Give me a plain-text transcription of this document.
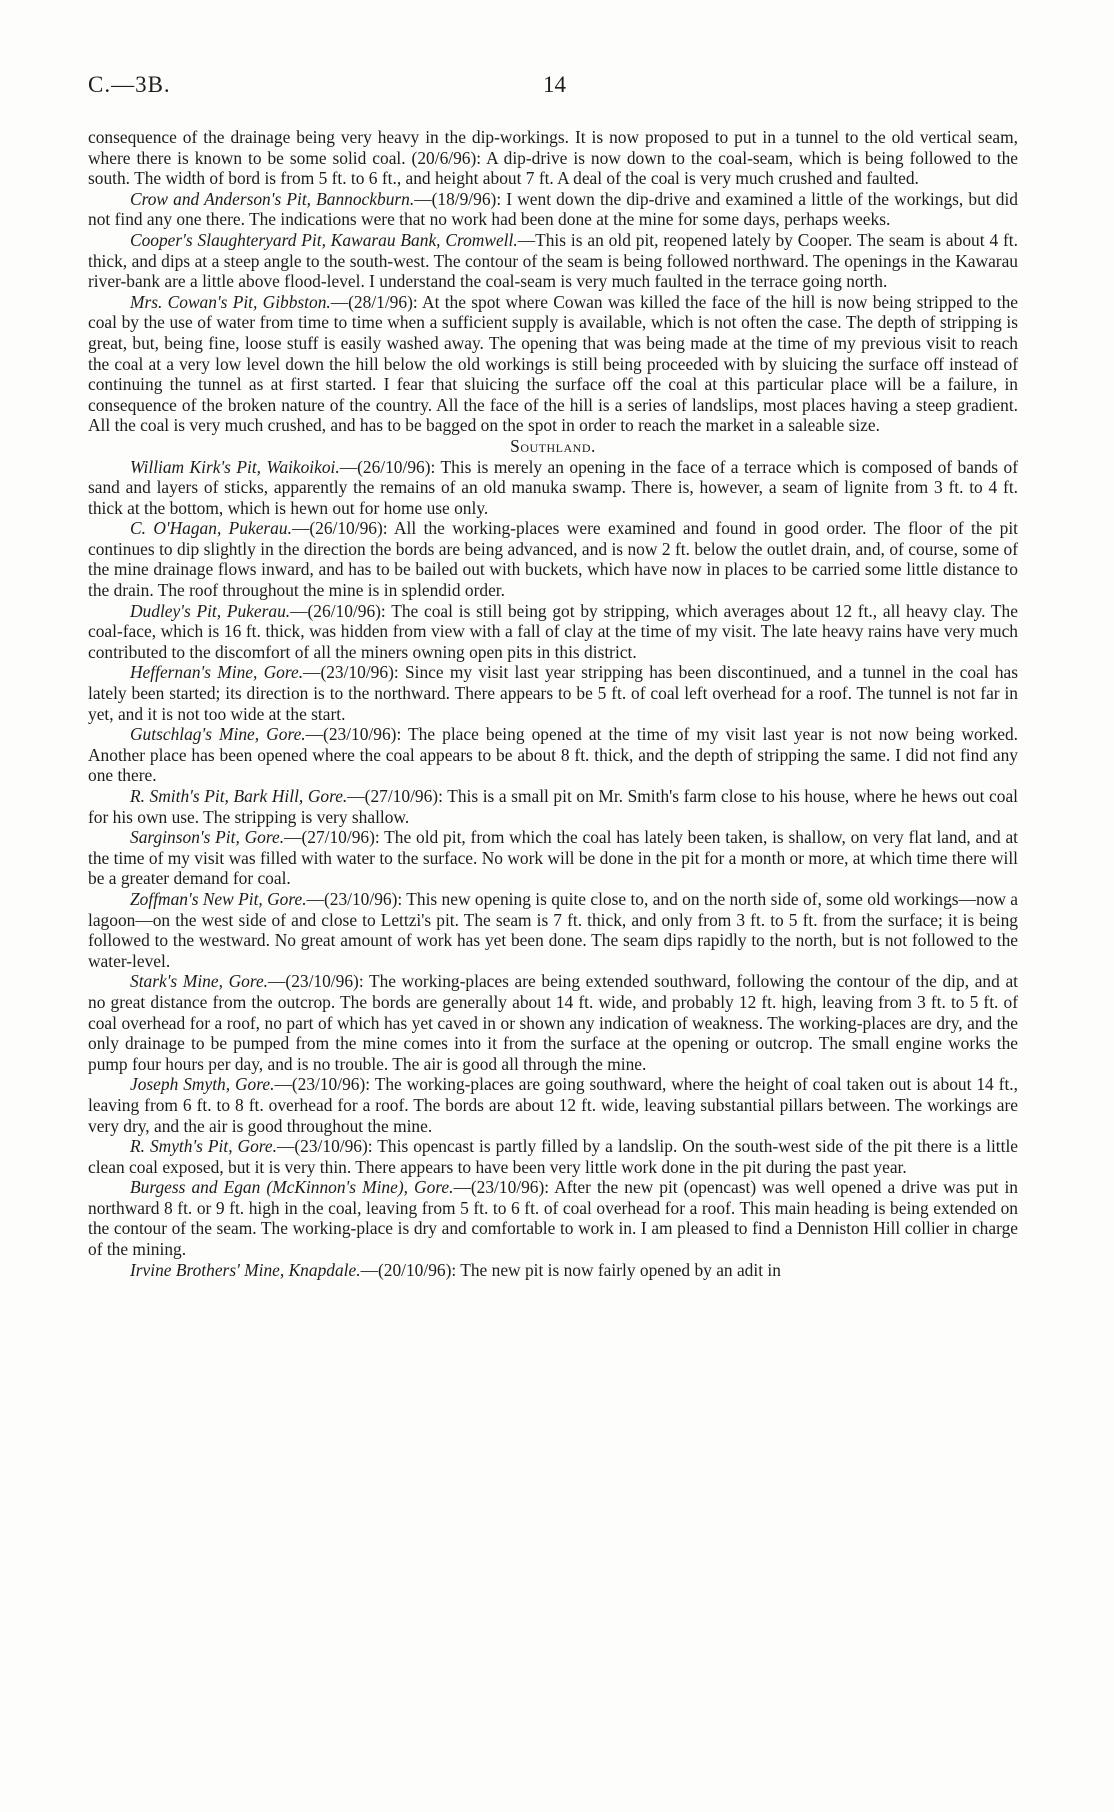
C.—3B.	14

consequence of the drainage being very heavy in the dip-workings. It is now proposed to put in a tunnel to the old vertical seam, where there is known to be some solid coal. (20/6/96): A dip-drive is now down to the coal-seam, which is being followed to the south. The width of bord is from 5 ft. to 6 ft., and height about 7 ft. A deal of the coal is very much crushed and faulted.

Crow and Anderson's Pit, Bannockburn.—(18/9/96): I went down the dip-drive and examined a little of the workings, but did not find any one there. The indications were that no work had been done at the mine for some days, perhaps weeks.

Cooper's Slaughteryard Pit, Kawarau Bank, Cromwell.—This is an old pit, reopened lately by Cooper. The seam is about 4 ft. thick, and dips at a steep angle to the south-west. The contour of the seam is being followed northward. The openings in the Kawarau river-bank are a little above flood-level. I understand the coal-seam is very much faulted in the terrace going north.

Mrs. Cowan's Pit, Gibbston.—(28/1/96): At the spot where Cowan was killed the face of the hill is now being stripped to the coal by the use of water from time to time when a sufficient supply is available, which is not often the case. The depth of stripping is great, but, being fine, loose stuff is easily washed away. The opening that was being made at the time of my previous visit to reach the coal at a very low level down the hill below the old workings is still being proceeded with by sluicing the surface off instead of continuing the tunnel as at first started. I fear that sluicing the surface off the coal at this particular place will be a failure, in consequence of the broken nature of the country. All the face of the hill is a series of landslips, most places having a steep gradient. All the coal is very much crushed, and has to be bagged on the spot in order to reach the market in a saleable size.

Southland.

William Kirk's Pit, Waikoikoi.—(26/10/96): This is merely an opening in the face of a terrace which is composed of bands of sand and layers of sticks, apparently the remains of an old manuka swamp. There is, however, a seam of lignite from 3 ft. to 4 ft. thick at the bottom, which is hewn out for home use only.

C. O'Hagan, Pukerau.—(26/10/96): All the working-places were examined and found in good order. The floor of the pit continues to dip slightly in the direction the bords are being advanced, and is now 2 ft. below the outlet drain, and, of course, some of the mine drainage flows inward, and has to be bailed out with buckets, which have now in places to be carried some little distance to the drain. The roof throughout the mine is in splendid order.

Dudley's Pit, Pukerau.—(26/10/96): The coal is still being got by stripping, which averages about 12 ft., all heavy clay. The coal-face, which is 16 ft. thick, was hidden from view with a fall of clay at the time of my visit. The late heavy rains have very much contributed to the discomfort of all the miners owning open pits in this district.

Heffernan's Mine, Gore.—(23/10/96): Since my visit last year stripping has been discontinued, and a tunnel in the coal has lately been started; its direction is to the northward. There appears to be 5 ft. of coal left overhead for a roof. The tunnel is not far in yet, and it is not too wide at the start.

Gutschlag's Mine, Gore.—(23/10/96): The place being opened at the time of my visit last year is not now being worked. Another place has been opened where the coal appears to be about 8 ft. thick, and the depth of stripping the same. I did not find any one there.

R. Smith's Pit, Bark Hill, Gore.—(27/10/96): This is a small pit on Mr. Smith's farm close to his house, where he hews out coal for his own use. The stripping is very shallow.

Sarginson's Pit, Gore.—(27/10/96): The old pit, from which the coal has lately been taken, is shallow, on very flat land, and at the time of my visit was filled with water to the surface. No work will be done in the pit for a month or more, at which time there will be a greater demand for coal.

Zoffman's New Pit, Gore.—(23/10/96): This new opening is quite close to, and on the north side of, some old workings—now a lagoon—on the west side of and close to Lettzi's pit. The seam is 7 ft. thick, and only from 3 ft. to 5 ft. from the surface; it is being followed to the westward. No great amount of work has yet been done. The seam dips rapidly to the north, but is not followed to the water-level.

Stark's Mine, Gore.—(23/10/96): The working-places are being extended southward, following the contour of the dip, and at no great distance from the outcrop. The bords are generally about 14 ft. wide, and probably 12 ft. high, leaving from 3 ft. to 5 ft. of coal overhead for a roof, no part of which has yet caved in or shown any indication of weakness. The working-places are dry, and the only drainage to be pumped from the mine comes into it from the surface at the opening or outcrop. The small engine works the pump four hours per day, and is no trouble. The air is good all through the mine.

Joseph Smyth, Gore.—(23/10/96): The working-places are going southward, where the height of coal taken out is about 14 ft., leaving from 6 ft. to 8 ft. overhead for a roof. The bords are about 12 ft. wide, leaving substantial pillars between. The workings are very dry, and the air is good throughout the mine.

R. Smyth's Pit, Gore.—(23/10/96): This opencast is partly filled by a landslip. On the south-west side of the pit there is a little clean coal exposed, but it is very thin. There appears to have been very little work done in the pit during the past year.

Burgess and Egan (McKinnon's Mine), Gore.—(23/10/96): After the new pit (opencast) was well opened a drive was put in northward 8 ft. or 9 ft. high in the coal, leaving from 5 ft. to 6 ft. of coal overhead for a roof. This main heading is being extended on the contour of the seam. The working-place is dry and comfortable to work in. I am pleased to find a Denniston Hill collier in charge of the mining.

Irvine Brothers' Mine, Knapdale.—(20/10/96): The new pit is now fairly opened by an adit in
